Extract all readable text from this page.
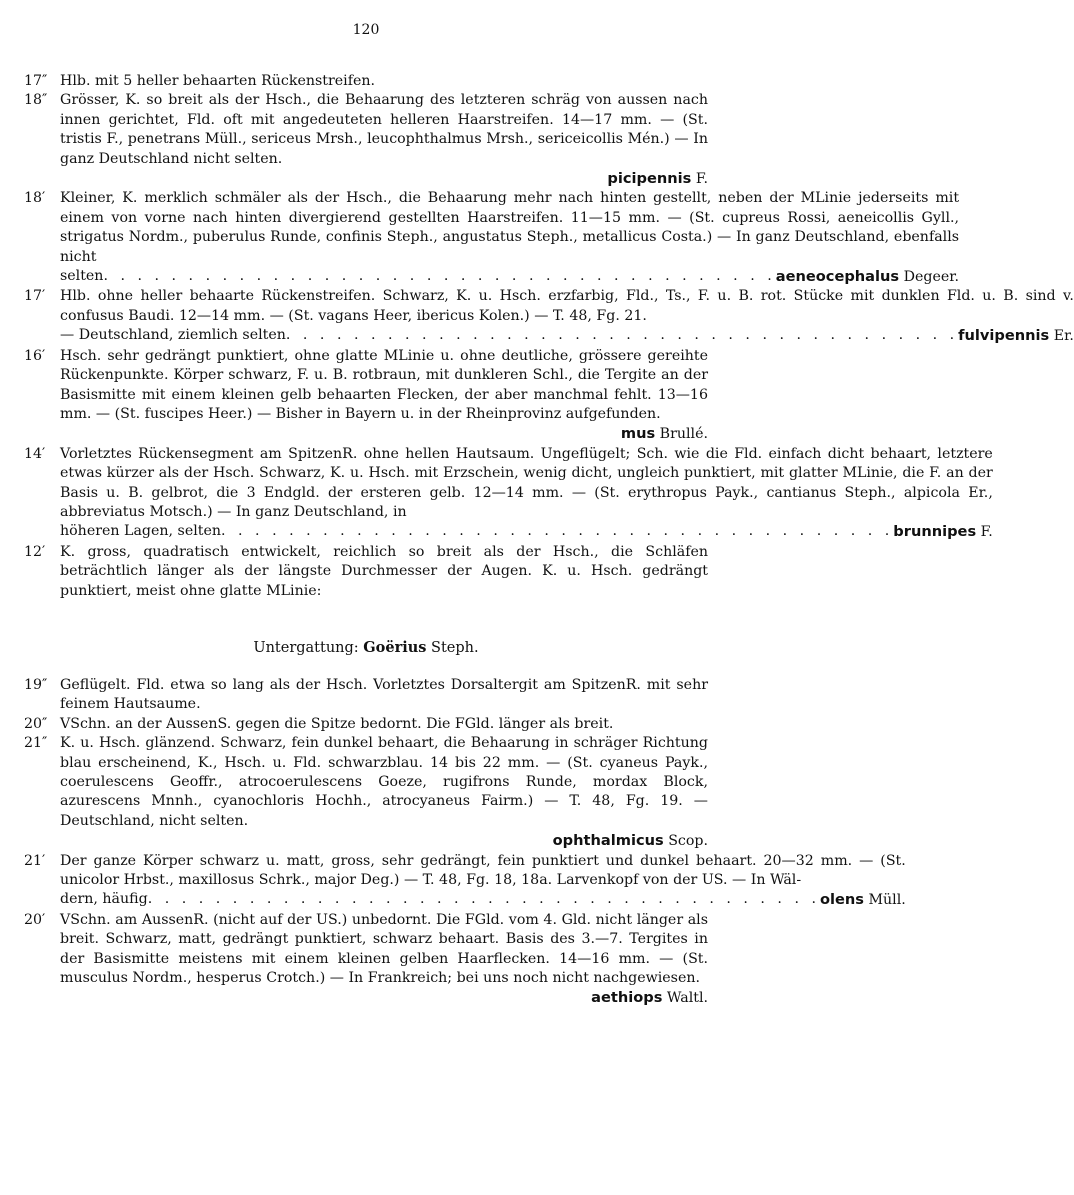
120
17″ Hlb. mit 5 heller behaarten Rückenstreifen.
18″ Grösser, K. so breit als der Hsch., die Behaarung des letzteren schräg von aussen nach innen gerichtet, Fld. oft mit angedeuteten helleren Haarstreifen. 14—17 mm. — (St. tristis F., penetrans Müll., sericeus Mrsh., leucophthalmus Mrsh., sericeicollis Mén.) — In ganz Deutschland nicht selten.
picipennis F.
18′	Kleiner, K. merklich schmäler als der Hsch., die Behaarung mehr nach hinten gestellt, neben der MLinie jederseits mit einem von vorne nach hinten divergierend gestellten Haarstreifen. 11—15 mm. — (St. cupreus Rossi, aeneicollis Gyll., strigatus Nordm., puberulus Runde, confinis Steph., angustatus Steph., metallicus Costa.) — In ganz Deutschland, ebenfalls nicht
selten . . . . . . . . . . . . . . . . . . . . . . . . . . . . . . . . . . . . . . . . aeneocephalus Degeer.
17′	Hlb. ohne heller behaarte Rückenstreifen. Schwarz, K. u. Hsch. erzfarbig, Fld., Ts., F. u. B. rot. Stücke mit dunklen Fld. u. B. sind v. confusus Baudi. 12—14 mm. — (St. vagans Heer, ibericus Kolen.) — T. 48, Fg. 21.
— Deutschland, ziemlich selten . . . . . . . . . . . . . . . . . . . . . . . . . . . . . . . . . . . . . . . . fulvipennis Er.
16′	Hsch. sehr gedrängt punktiert, ohne glatte MLinie u. ohne deutliche, grössere gereihte Rückenpunkte. Körper schwarz, F. u. B. rotbraun, mit dunkleren Schl., die Tergite an der Basismitte mit einem kleinen gelb behaarten Flecken, der aber manchmal fehlt. 13—16 mm. — (St. fuscipes Heer.) — Bisher in Bayern u. in der Rheinprovinz aufgefunden.
mus Brullé.
14′	Vorletztes Rückensegment am SpitzenR. ohne hellen Hautsaum. Ungeflügelt; Sch. wie die Fld. einfach dicht behaart, letztere etwas kürzer als der Hsch. Schwarz, K. u. Hsch. mit Erzschein, wenig dicht, ungleich punktiert, mit glatter MLinie, die F. an der Basis u. B. gelbrot, die 3 Endgld. der ersteren gelb. 12—14 mm. — (St. erythropus Payk., cantianus Steph., alpicola Er., abbreviatus Motsch.) — In ganz Deutschland, in
höheren Lagen, selten . . . . . . . . . . . . . . . . . . . . . . . . . . . . . . . . . . . . . . . . brunnipes F.
12′	K. gross, quadratisch entwickelt, reichlich so breit als der Hsch., die Schläfen beträchtlich länger als der längste Durchmesser der Augen. K. u. Hsch. gedrängt punktiert, meist ohne glatte MLinie:
Untergattung: Goërius Steph.
19″ Geflügelt. Fld. etwa so lang als der Hsch. Vorletztes Dorsaltergit am SpitzenR. mit sehr feinem Hautsaume.
20″ VSchn. an der AussenS. gegen die Spitze bedornt. Die FGld. länger als breit.
21″ K. u. Hsch. glänzend. Schwarz, fein dunkel behaart, die Behaarung in schräger Richtung blau erscheinend, K., Hsch. u. Fld. schwarzblau. 14 bis 22 mm. — (St. cyaneus Payk., coerulescens Geoffr., atrocoerulescens Goeze, rugifrons Runde, mordax Block, azurescens Mnnh., cyanochloris Hochh., atrocyaneus Fairm.) — T. 48, Fg. 19. — Deutschland, nicht selten.
ophthalmicus Scop.
21′	Der ganze Körper schwarz u. matt, gross, sehr gedrängt, fein punktiert und dunkel behaart. 20—32 mm. — (St. unicolor Hrbst., maxillosus Schrk., major Deg.) — T. 48, Fg. 18, 18a. Larvenkopf von der US. — In Wäl-
dern, häufig . . . . . . . . . . . . . . . . . . . . . . . . . . . . . . . . . . . . . . . . olens Müll.
20′	VSchn. am AussenR. (nicht auf der US.) unbedornt. Die FGld. vom 4. Gld. nicht länger als breit. Schwarz, matt, gedrängt punktiert, schwarz behaart. Basis des 3.—7. Tergites in der Basismitte meistens mit einem kleinen gelben Haarflecken. 14—16 mm. — (St. musculus Nordm., hesperus Crotch.) — In Frankreich; bei uns noch nicht nachgewiesen.
aethiops Waltl.
